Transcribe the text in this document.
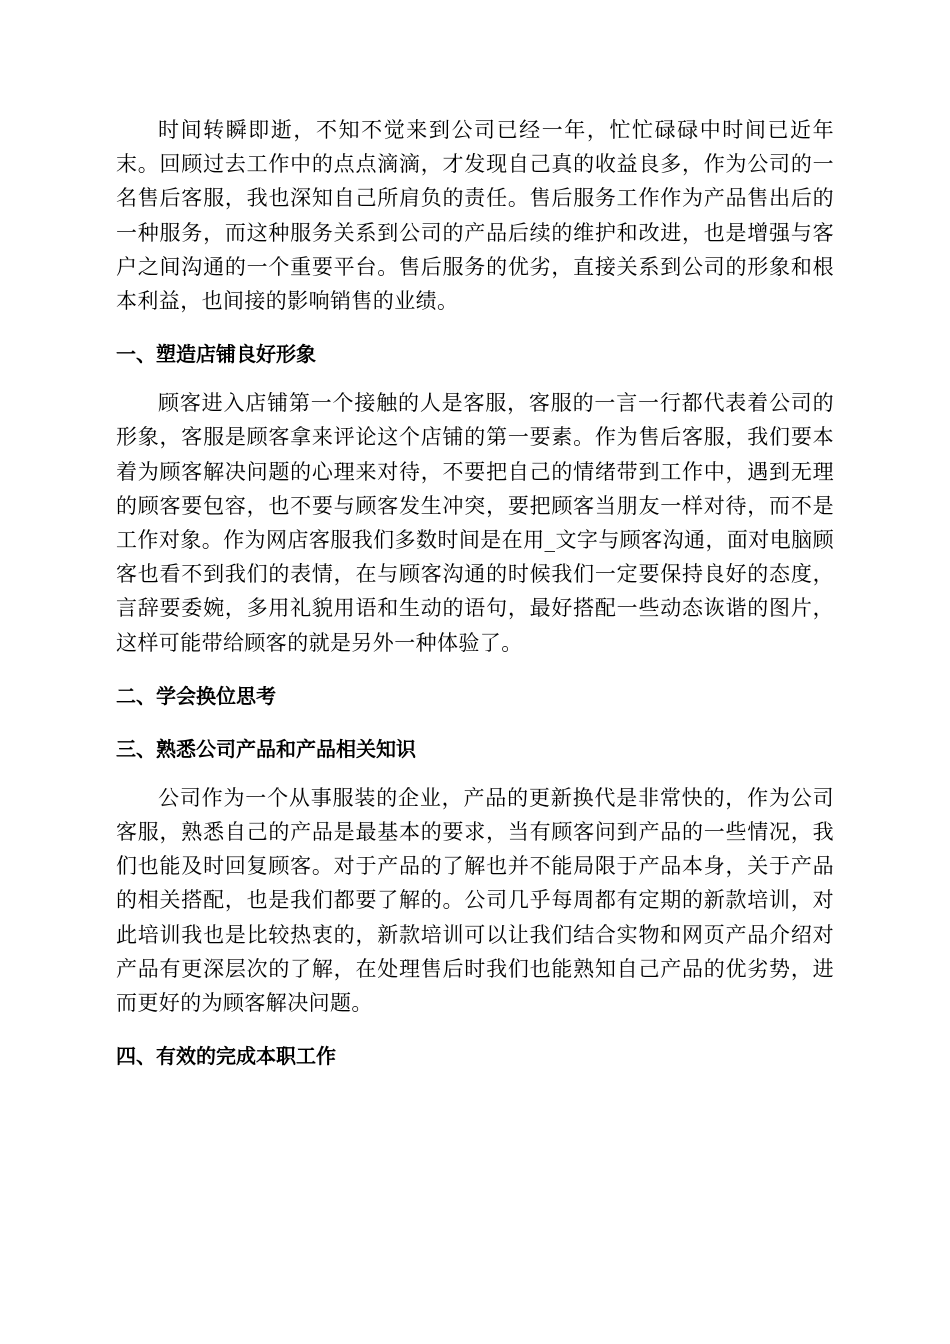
时间转瞬即逝，不知不觉来到公司已经一年，忙忙碌碌中时间已近年末。回顾过去工作中的点点滴滴，才发现自己真的收益良多，作为公司的一名售后客服，我也深知自己所肩负的责任。售后服务工作作为产品售出后的一种服务，而这种服务关系到公司的产品后续的维护和改进，也是增强与客户之间沟通的一个重要平台。售后服务的优劣，直接关系到公司的形象和根本利益，也间接的影响销售的业绩。

一、塑造店铺良好形象

顾客进入店铺第一个接触的人是客服，客服的一言一行都代表着公司的形象，客服是顾客拿来评论这个店铺的第一要素。作为售后客服，我们要本着为顾客解决问题的心理来对待，不要把自己的情绪带到工作中，遇到无理的顾客要包容，也不要与顾客发生冲突，要把顾客当朋友一样对待，而不是工作对象。作为网店客服我们多数时间是在用_文字与顾客沟通，面对电脑顾客也看不到我们的表情，在与顾客沟通的时候我们一定要保持良好的态度，言辞要委婉，多用礼貌用语和生动的语句，最好搭配一些动态诙谐的图片，这样可能带给顾客的就是另外一种体验了。

二、学会换位思考
三、熟悉公司产品和产品相关知识

公司作为一个从事服装的企业，产品的更新换代是非常快的，作为公司客服，熟悉自己的产品是最基本的要求，当有顾客问到产品的一些情况，我们也能及时回复顾客。对于产品的了解也并不能局限于产品本身，关于产品的相关搭配，也是我们都要了解的。公司几乎每周都有定期的新款培训，对此培训我也是比较热衷的，新款培训可以让我们结合实物和网页产品介绍对产品有更深层次的了解，在处理售后时我们也能熟知自己产品的优劣势，进而更好的为顾客解决问题。

四、有效的完成本职工作
